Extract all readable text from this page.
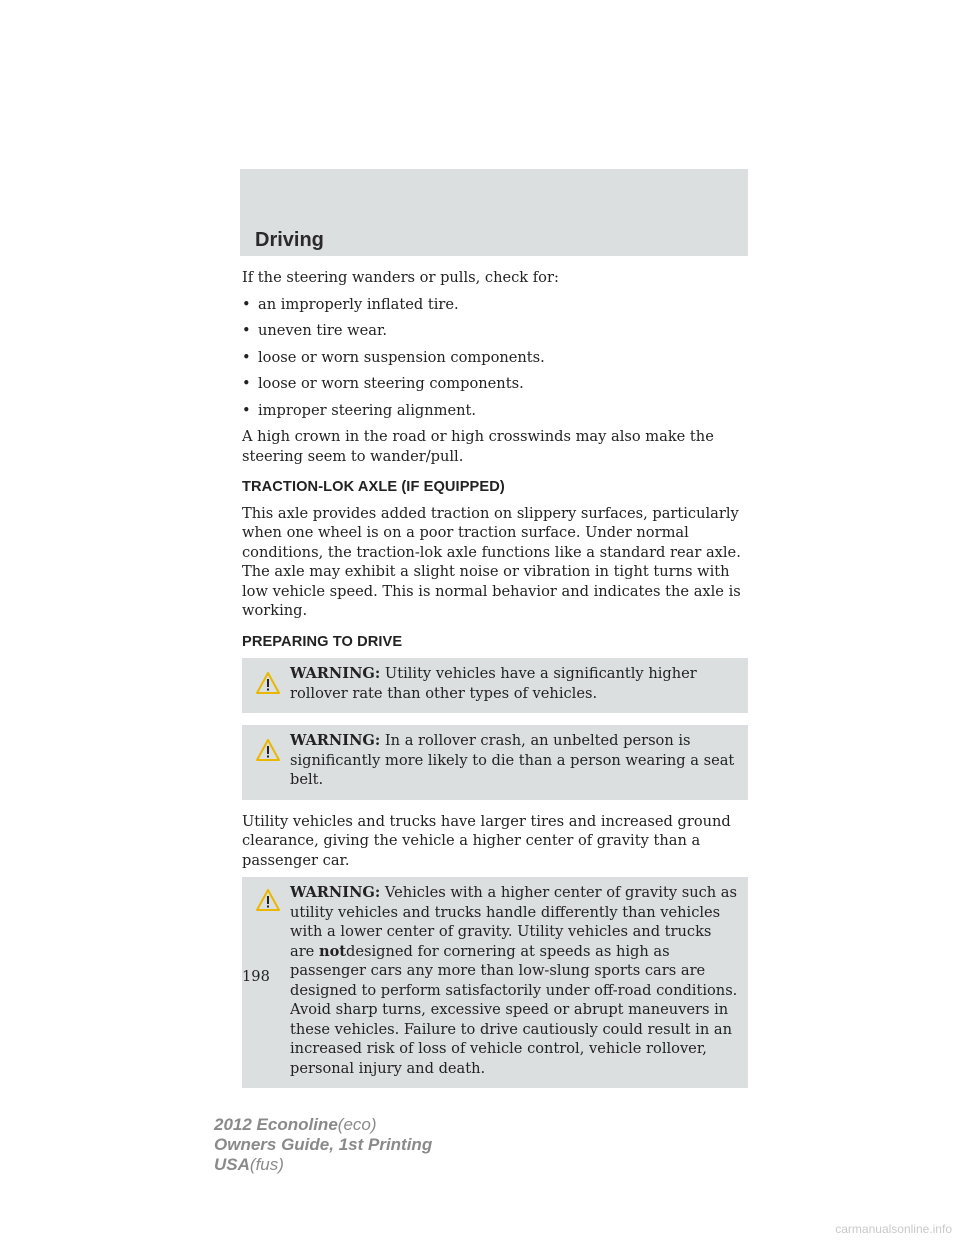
Driving

If the steering wanders or pulls, check for:

• an improperly inflated tire.
• uneven tire wear.
• loose or worn suspension components.
• loose or worn steering components.
• improper steering alignment.

A high crown in the road or high crosswinds may also make the steering seem to wander/pull.

TRACTION-LOK AXLE (IF EQUIPPED)

This axle provides added traction on slippery surfaces, particularly when one wheel is on a poor traction surface. Under normal conditions, the traction-lok axle functions like a standard rear axle. The axle may exhibit a slight noise or vibration in tight turns with low vehicle speed. This is normal behavior and indicates the axle is working.

PREPARING TO DRIVE
WARNING: Utility vehicles have a significantly higher rollover rate than other types of vehicles.
WARNING: In a rollover crash, an unbelted person is significantly more likely to die than a person wearing a seat belt.

Utility vehicles and trucks have larger tires and increased ground clearance, giving the vehicle a higher center of gravity than a passenger car.

WARNING: Vehicles with a higher center of gravity such as utility vehicles and trucks handle differently than vehicles with a lower center of gravity. Utility vehicles and trucks are notdesigned for cornering at speeds as high as passenger cars any more than low-slung sports cars are designed to perform satisfactorily under off-road conditions. Avoid sharp turns, excessive speed or abrupt maneuvers in these vehicles. Failure to drive cautiously could result in an increased risk of loss of vehicle control, vehicle rollover, personal injury and death.
198
2012 Econoline(eco)
Owners Guide, 1st Printing
USA(fus)
carmanualsonline.info
